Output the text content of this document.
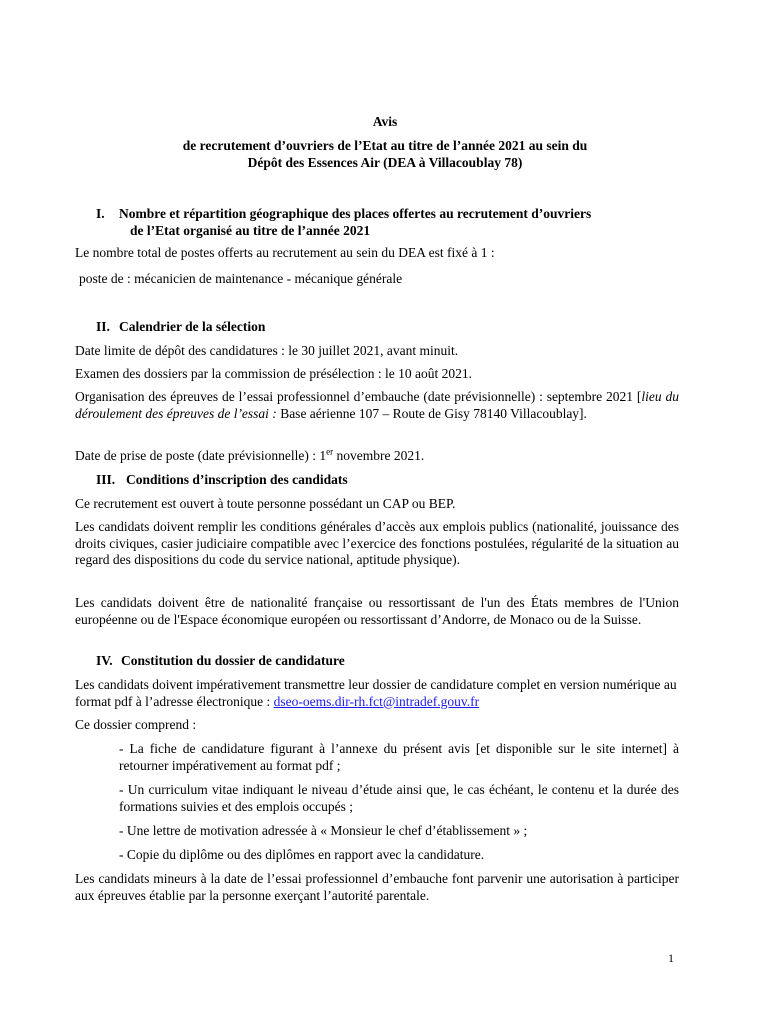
Avis
de recrutement d’ouvriers de l’Etat au titre de l’année 2021 au sein du
Dépôt des Essences Air (DEA à Villacoublay 78)
I. Nombre et répartition géographique des places offertes au recrutement d’ouvriers
de l’Etat organisé au titre de l’année 2021

Le nombre total de postes offerts au recrutement au sein du DEA est fixé à 1 :

poste de : mécanicien de maintenance - mécanique générale

II. Calendrier de la sélection

Date limite de dépôt des candidatures : le 30 juillet 2021, avant minuit.

Examen des dossiers par la commission de présélection : le 10 août 2021.

Organisation des épreuves de l’essai professionnel d’embauche (date prévisionnelle) : septembre 2021 [lieu du déroulement des épreuves de l’essai : Base aérienne 107 – Route de Gisy 78140 Villacoublay].

Date de prise de poste (date prévisionnelle) : 1er novembre 2021.

III. Conditions d’inscription des candidats

Ce recrutement est ouvert à toute personne possédant un CAP ou BEP.

Les candidats doivent remplir les conditions générales d’accès aux emplois publics (nationalité, jouissance des droits civiques, casier judiciaire compatible avec l’exercice des fonctions postulées, régularité de la situation au regard des dispositions du code du service national, aptitude physique).

Les candidats doivent être de nationalité française ou ressortissant de l'un des États membres de l'Union européenne ou de l'Espace économique européen ou ressortissant d’Andorre, de Monaco ou de la Suisse.

IV. Constitution du dossier de candidature

Les candidats doivent impérativement transmettre leur dossier de candidature complet en version numérique au format pdf à l’adresse électronique : dseo-oems.dir-rh.fct@intradef.gouv.fr

Ce dossier comprend :

- La fiche de candidature figurant à l’annexe du présent avis [et disponible sur le site internet] à retourner impérativement au format pdf ;

- Un curriculum vitae indiquant le niveau d’étude ainsi que, le cas échéant, le contenu et la durée des formations suivies et des emplois occupés ;

- Une lettre de motivation adressée à « Monsieur le chef d’établissement » ;

- Copie du diplôme ou des diplômes en rapport avec la candidature.

Les candidats mineurs à la date de l’essai professionnel d’embauche font parvenir une autorisation à participer aux épreuves établie par la personne exerçant l’autorité parentale.

1
